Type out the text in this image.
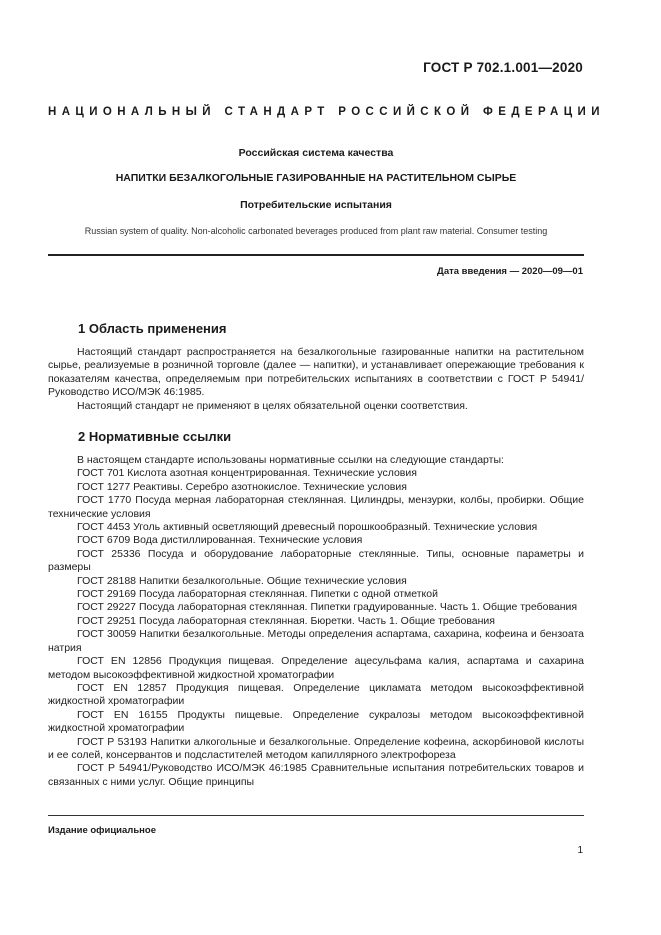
ГОСТ Р 702.1.001—2020
НАЦИОНАЛЬНЫЙ СТАНДАРТ РОССИЙСКОЙ ФЕДЕРАЦИИ
Российская система качества
НАПИТКИ БЕЗАЛКОГОЛЬНЫЕ ГАЗИРОВАННЫЕ НА РАСТИТЕЛЬНОМ СЫРЬЕ
Потребительские испытания
Russian system of quality. Non-alcoholic carbonated beverages produced from plant raw material. Consumer testing
Дата введения — 2020—09—01
1 Область применения

Настоящий стандарт распространяется на безалкогольные газированные напитки на растительном сырье, реализуемые в розничной торговле (далее — напитки), и устанавливает опережающие требования к показателям качества, определяемым при потребительских испытаниях в соответствии с ГОСТ Р 54941/Руководство ИСО/МЭК 46:1985.

Настоящий стандарт не применяют в целях обязательной оценки соответствия.

2 Нормативные ссылки

В настоящем стандарте использованы нормативные ссылки на следующие стандарты:

ГОСТ 701 Кислота азотная концентрированная. Технические условия

ГОСТ 1277 Реактивы. Серебро азотнокислое. Технические условия

ГОСТ 1770 Посуда мерная лабораторная стеклянная. Цилиндры, мензурки, колбы, пробирки. Общие технические условия

ГОСТ 4453 Уголь активный осветляющий древесный порошкообразный. Технические условия

ГОСТ 6709 Вода дистиллированная. Технические условия

ГОСТ 25336 Посуда и оборудование лабораторные стеклянные. Типы, основные параметры и размеры

ГОСТ 28188 Напитки безалкогольные. Общие технические условия

ГОСТ 29169 Посуда лабораторная стеклянная. Пипетки с одной отметкой

ГОСТ 29227 Посуда лабораторная стеклянная. Пипетки градуированные. Часть 1. Общие требования

ГОСТ 29251 Посуда лабораторная стеклянная. Бюретки. Часть 1. Общие требования

ГОСТ 30059 Напитки безалкогольные. Методы определения аспартама, сахарина, кофеина и бензоата натрия

ГОСТ EN 12856 Продукция пищевая. Определение ацесульфама калия, аспартама и сахарина методом высокоэффективной жидкостной хроматографии

ГОСТ EN 12857 Продукция пищевая. Определение цикламата методом высокоэффективной жидкостной хроматографии

ГОСТ EN 16155 Продукты пищевые. Определение сукралозы методом высокоэффективной жидкостной хроматографии

ГОСТ Р 53193 Напитки алкогольные и безалкогольные. Определение кофеина, аскорбиновой кислоты и ее солей, консервантов и подсластителей методом капиллярного электрофореза

ГОСТ Р 54941/Руководство ИСО/МЭК 46:1985 Сравнительные испытания потребительских товаров и связанных с ними услуг. Общие принципы

Издание официальное
1
